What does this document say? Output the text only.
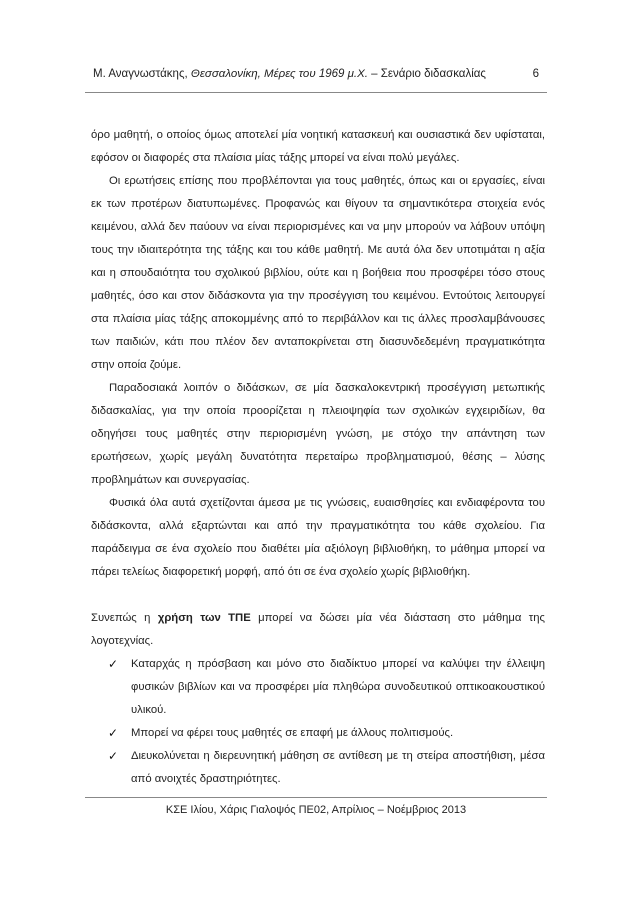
Μ. Αναγνωστάκης, Θεσσαλονίκη, Μέρες του 1969 μ.Χ. – Σενάριο διδασκαλίας	6

όρο μαθητή, ο οποίος όμως αποτελεί μία νοητική κατασκευή και ουσιαστικά δεν υφίσταται, εφόσον οι διαφορές στα πλαίσια μίας τάξης μπορεί να είναι πολύ μεγάλες.

Οι ερωτήσεις επίσης που προβλέπονται για τους μαθητές, όπως και οι εργασίες, είναι εκ των προτέρων διατυπωμένες. Προφανώς και θίγουν τα σημαντικότερα στοιχεία ενός κειμένου, αλλά δεν παύουν να είναι περιορισμένες και να μην μπορούν να λάβουν υπόψη τους την ιδιαιτερότητα της τάξης και του κάθε μαθητή. Με αυτά όλα δεν υποτιμάται η αξία και η σπουδαιότητα του σχολικού βιβλίου, ούτε και η βοήθεια που προσφέρει τόσο στους μαθητές, όσο και στον διδάσκοντα για την προσέγγιση του κειμένου. Εντούτοις λειτουργεί στα πλαίσια μίας τάξης αποκομμένης από το περιβάλλον και τις άλλες προσλαμβάνουσες των παιδιών, κάτι που πλέον δεν ανταποκρίνεται στη διασυνδεδεμένη πραγματικότητα στην οποία ζούμε.

Παραδοσιακά λοιπόν ο διδάσκων, σε μία δασκαλοκεντρική προσέγγιση μετωπικής διδασκαλίας, για την οποία προορίζεται η πλειοψηφία των σχολικών εγχειριδίων, θα οδηγήσει τους μαθητές στην περιορισμένη γνώση, με στόχο την απάντηση των ερωτήσεων, χωρίς μεγάλη δυνατότητα περεταίρω προβληματισμού, θέσης – λύσης προβλημάτων και συνεργασίας.

Φυσικά όλα αυτά σχετίζονται άμεσα με τις γνώσεις, ευαισθησίες και ενδιαφέροντα του διδάσκοντα, αλλά εξαρτώνται και από την πραγματικότητα του κάθε σχολείου. Για παράδειγμα σε ένα σχολείο που διαθέτει μία αξιόλογη βιβλιοθήκη, το μάθημα μπορεί να πάρει τελείως διαφορετική μορφή, από ότι σε ένα σχολείο χωρίς βιβλιοθήκη.

Συνεπώς η χρήση των ΤΠΕ μπορεί να δώσει μία νέα διάσταση στο μάθημα της λογοτεχνίας.

✓ Καταρχάς η πρόσβαση και μόνο στο διαδίκτυο μπορεί να καλύψει την έλλειψη φυσικών βιβλίων και να προσφέρει μία πληθώρα συνοδευτικού οπτικοακουστικού υλικού.
✓ Μπορεί να φέρει τους μαθητές σε επαφή με άλλους πολιτισμούς.
✓ Διευκολύνεται η διερευνητική μάθηση σε αντίθεση με τη στείρα αποστήθιση, μέσα από ανοιχτές δραστηριότητες.
ΚΣΕ Ιλίου, Χάρις Γιαλοψός ΠΕ02, Απρίλιος – Νοέμβριος 2013
